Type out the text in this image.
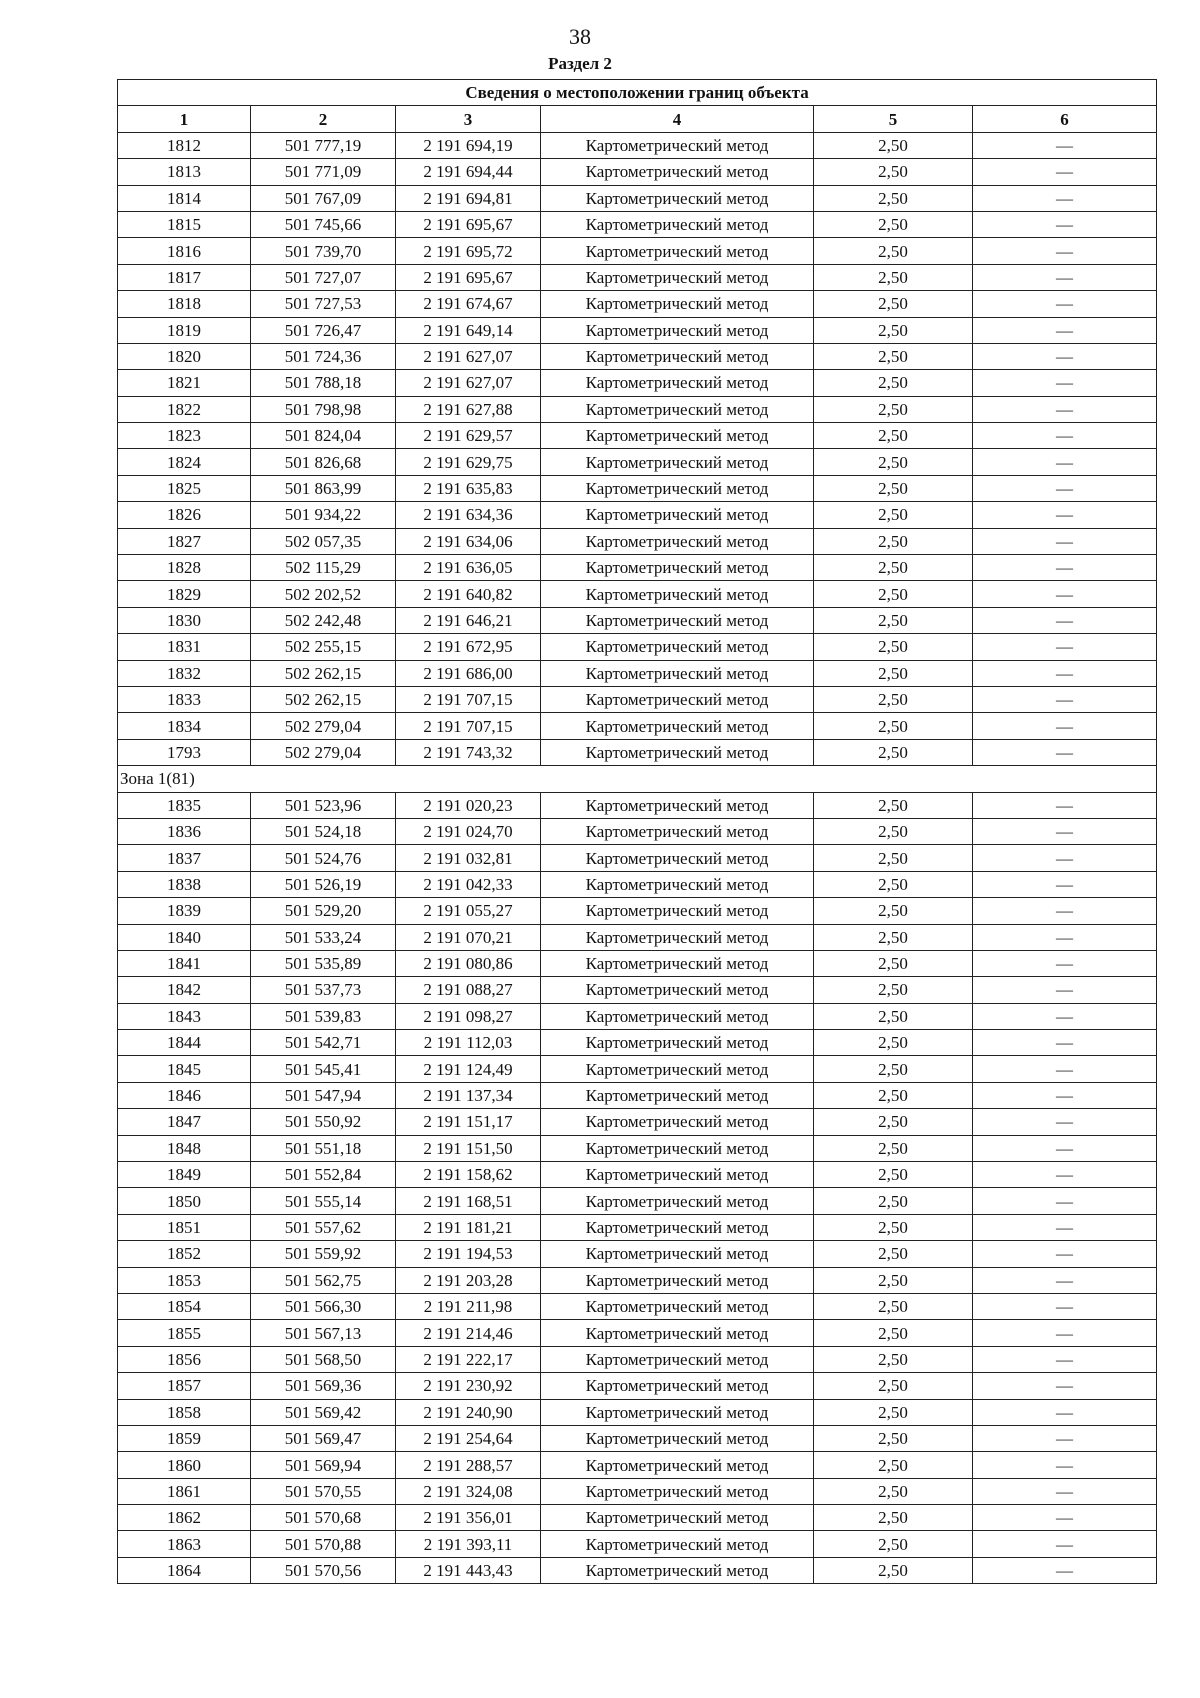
38
Раздел 2
Сведения о местоположении границ объекта					
1	2	3	4	5	6
1812	501 777,19	2 191 694,19	Картометрический метод	2,50	—
1813	501 771,09	2 191 694,44	Картометрический метод	2,50	—
1814	501 767,09	2 191 694,81	Картометрический метод	2,50	—
1815	501 745,66	2 191 695,67	Картометрический метод	2,50	—
1816	501 739,70	2 191 695,72	Картометрический метод	2,50	—
1817	501 727,07	2 191 695,67	Картометрический метод	2,50	—
1818	501 727,53	2 191 674,67	Картометрический метод	2,50	—
1819	501 726,47	2 191 649,14	Картометрический метод	2,50	—
1820	501 724,36	2 191 627,07	Картометрический метод	2,50	—
1821	501 788,18	2 191 627,07	Картометрический метод	2,50	—
1822	501 798,98	2 191 627,88	Картометрический метод	2,50	—
1823	501 824,04	2 191 629,57	Картометрический метод	2,50	—
1824	501 826,68	2 191 629,75	Картометрический метод	2,50	—
1825	501 863,99	2 191 635,83	Картометрический метод	2,50	—
1826	501 934,22	2 191 634,36	Картометрический метод	2,50	—
1827	502 057,35	2 191 634,06	Картометрический метод	2,50	—
1828	502 115,29	2 191 636,05	Картометрический метод	2,50	—
1829	502 202,52	2 191 640,82	Картометрический метод	2,50	—
1830	502 242,48	2 191 646,21	Картометрический метод	2,50	—
1831	502 255,15	2 191 672,95	Картометрический метод	2,50	—
1832	502 262,15	2 191 686,00	Картометрический метод	2,50	—
1833	502 262,15	2 191 707,15	Картометрический метод	2,50	—
1834	502 279,04	2 191 707,15	Картометрический метод	2,50	—
1793	502 279,04	2 191 743,32	Картометрический метод	2,50	—
Зона 1(81)					
1835	501 523,96	2 191 020,23	Картометрический метод	2,50	—
1836	501 524,18	2 191 024,70	Картометрический метод	2,50	—
1837	501 524,76	2 191 032,81	Картометрический метод	2,50	—
1838	501 526,19	2 191 042,33	Картометрический метод	2,50	—
1839	501 529,20	2 191 055,27	Картометрический метод	2,50	—
1840	501 533,24	2 191 070,21	Картометрический метод	2,50	—
1841	501 535,89	2 191 080,86	Картометрический метод	2,50	—
1842	501 537,73	2 191 088,27	Картометрический метод	2,50	—
1843	501 539,83	2 191 098,27	Картометрический метод	2,50	—
1844	501 542,71	2 191 112,03	Картометрический метод	2,50	—
1845	501 545,41	2 191 124,49	Картометрический метод	2,50	—
1846	501 547,94	2 191 137,34	Картометрический метод	2,50	—
1847	501 550,92	2 191 151,17	Картометрический метод	2,50	—
1848	501 551,18	2 191 151,50	Картометрический метод	2,50	—
1849	501 552,84	2 191 158,62	Картометрический метод	2,50	—
1850	501 555,14	2 191 168,51	Картометрический метод	2,50	—
1851	501 557,62	2 191 181,21	Картометрический метод	2,50	—
1852	501 559,92	2 191 194,53	Картометрический метод	2,50	—
1853	501 562,75	2 191 203,28	Картометрический метод	2,50	—
1854	501 566,30	2 191 211,98	Картометрический метод	2,50	—
1855	501 567,13	2 191 214,46	Картометрический метод	2,50	—
1856	501 568,50	2 191 222,17	Картометрический метод	2,50	—
1857	501 569,36	2 191 230,92	Картометрический метод	2,50	—
1858	501 569,42	2 191 240,90	Картометрический метод	2,50	—
1859	501 569,47	2 191 254,64	Картометрический метод	2,50	—
1860	501 569,94	2 191 288,57	Картометрический метод	2,50	—
1861	501 570,55	2 191 324,08	Картометрический метод	2,50	—
1862	501 570,68	2 191 356,01	Картометрический метод	2,50	—
1863	501 570,88	2 191 393,11	Картометрический метод	2,50	—
1864	501 570,56	2 191 443,43	Картометрический метод	2,50	—
